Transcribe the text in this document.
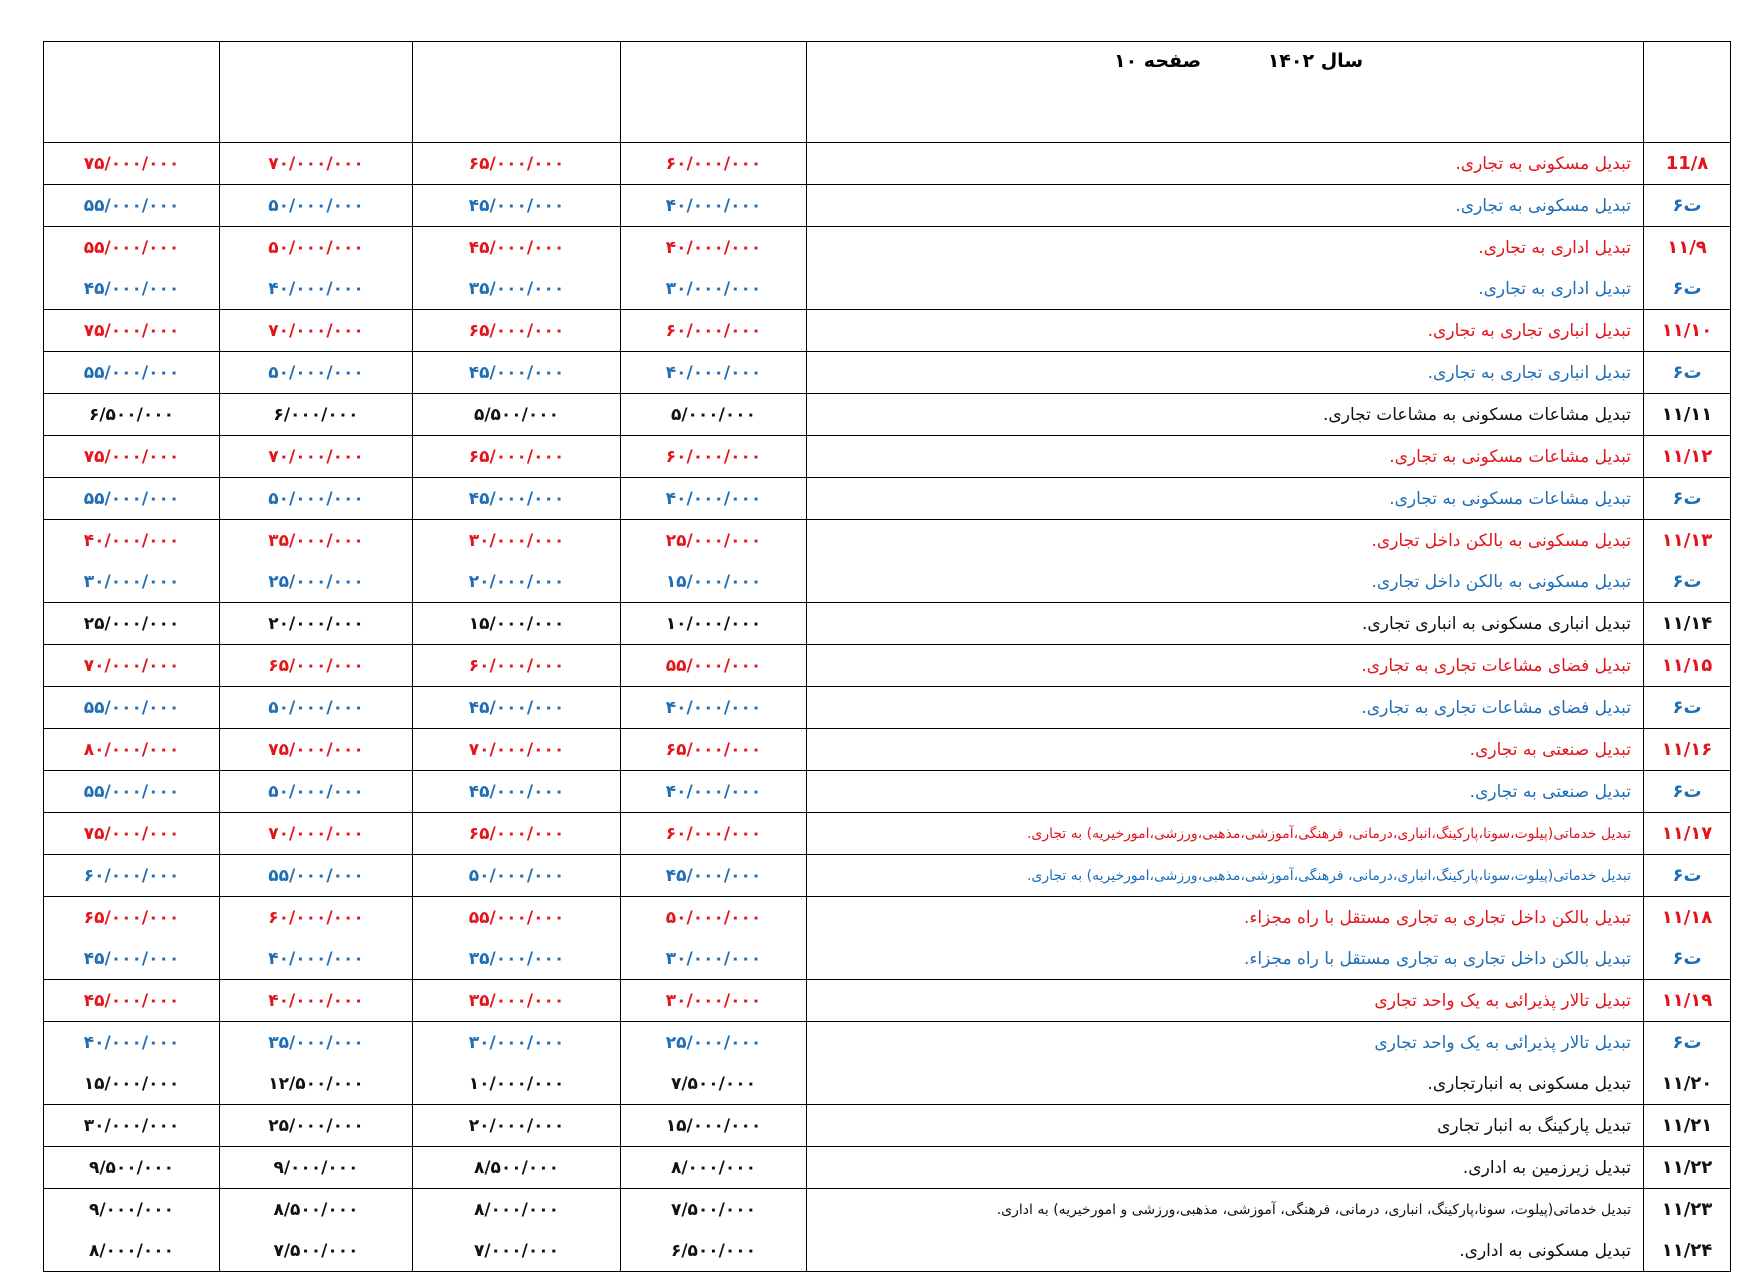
	سال ۱۴۰۲ صفحه ۱۰				

11/۸	تبدیل مسکونی به تجاری.	۶۰/۰۰۰/۰۰۰	۶۵/۰۰۰/۰۰۰	۷۰/۰۰۰/۰۰۰	۷۵/۰۰۰/۰۰۰
ت۶	تبدیل مسکونی به تجاری.	۴۰/۰۰۰/۰۰۰	۴۵/۰۰۰/۰۰۰	۵۰/۰۰۰/۰۰۰	۵۵/۰۰۰/۰۰۰
۱۱/۹	تبدیل اداری به تجاری.	۴۰/۰۰۰/۰۰۰	۴۵/۰۰۰/۰۰۰	۵۰/۰۰۰/۰۰۰	۵۵/۰۰۰/۰۰۰
ت۶	تبدیل اداری به تجاری.	۳۰/۰۰۰/۰۰۰	۳۵/۰۰۰/۰۰۰	۴۰/۰۰۰/۰۰۰	۴۵/۰۰۰/۰۰۰
۱۱/۱۰	تبدیل انباری تجاری به تجاری.	۶۰/۰۰۰/۰۰۰	۶۵/۰۰۰/۰۰۰	۷۰/۰۰۰/۰۰۰	۷۵/۰۰۰/۰۰۰
ت۶	تبدیل انباری تجاری به تجاری.	۴۰/۰۰۰/۰۰۰	۴۵/۰۰۰/۰۰۰	۵۰/۰۰۰/۰۰۰	۵۵/۰۰۰/۰۰۰
۱۱/۱۱	تبدیل مشاعات مسکونی به مشاعات تجاری.	۵/۰۰۰/۰۰۰	۵/۵۰۰/۰۰۰	۶/۰۰۰/۰۰۰	۶/۵۰۰/۰۰۰
۱۱/۱۲	تبدیل مشاعات مسکونی به تجاری.	۶۰/۰۰۰/۰۰۰	۶۵/۰۰۰/۰۰۰	۷۰/۰۰۰/۰۰۰	۷۵/۰۰۰/۰۰۰
ت۶	تبدیل مشاعات مسکونی به تجاری.	۴۰/۰۰۰/۰۰۰	۴۵/۰۰۰/۰۰۰	۵۰/۰۰۰/۰۰۰	۵۵/۰۰۰/۰۰۰
۱۱/۱۳	تبدیل مسکونی به بالکن داخل تجاری.	۲۵/۰۰۰/۰۰۰	۳۰/۰۰۰/۰۰۰	۳۵/۰۰۰/۰۰۰	۴۰/۰۰۰/۰۰۰
ت۶	تبدیل مسکونی به بالکن داخل تجاری.	۱۵/۰۰۰/۰۰۰	۲۰/۰۰۰/۰۰۰	۲۵/۰۰۰/۰۰۰	۳۰/۰۰۰/۰۰۰
۱۱/۱۴	تبدیل انباری مسکونی به انباری تجاری.	۱۰/۰۰۰/۰۰۰	۱۵/۰۰۰/۰۰۰	۲۰/۰۰۰/۰۰۰	۲۵/۰۰۰/۰۰۰
۱۱/۱۵	تبدیل فضای مشاعات تجاری به تجاری.	۵۵/۰۰۰/۰۰۰	۶۰/۰۰۰/۰۰۰	۶۵/۰۰۰/۰۰۰	۷۰/۰۰۰/۰۰۰
ت۶	تبدیل فضای مشاعات تجاری به تجاری.	۴۰/۰۰۰/۰۰۰	۴۵/۰۰۰/۰۰۰	۵۰/۰۰۰/۰۰۰	۵۵/۰۰۰/۰۰۰
۱۱/۱۶	تبدیل صنعتی به تجاری.	۶۵/۰۰۰/۰۰۰	۷۰/۰۰۰/۰۰۰	۷۵/۰۰۰/۰۰۰	۸۰/۰۰۰/۰۰۰
ت۶	تبدیل صنعتی به تجاری.	۴۰/۰۰۰/۰۰۰	۴۵/۰۰۰/۰۰۰	۵۰/۰۰۰/۰۰۰	۵۵/۰۰۰/۰۰۰
۱۱/۱۷	تبدیل خدماتی(پیلوت،سونا،پارکینگ،انباری،درمانی، فرهنگی،آموزشی،مذهبی،ورزشی،امورخیریه) به تجاری.	۶۰/۰۰۰/۰۰۰	۶۵/۰۰۰/۰۰۰	۷۰/۰۰۰/۰۰۰	۷۵/۰۰۰/۰۰۰
ت۶	تبدیل خدماتی(پیلوت،سونا،پارکینگ،انباری،درمانی، فرهنگی،آموزشی،مذهبی،ورزشی،امورخیریه) به تجاری.	۴۵/۰۰۰/۰۰۰	۵۰/۰۰۰/۰۰۰	۵۵/۰۰۰/۰۰۰	۶۰/۰۰۰/۰۰۰
۱۱/۱۸	تبدیل بالکن داخل تجاری به تجاری مستقل با راه مجزاء.	۵۰/۰۰۰/۰۰۰	۵۵/۰۰۰/۰۰۰	۶۰/۰۰۰/۰۰۰	۶۵/۰۰۰/۰۰۰
ت۶	تبدیل بالکن داخل تجاری به تجاری مستقل با راه مجزاء.	۳۰/۰۰۰/۰۰۰	۳۵/۰۰۰/۰۰۰	۴۰/۰۰۰/۰۰۰	۴۵/۰۰۰/۰۰۰
۱۱/۱۹	تبدیل تالار پذیرائی به یک واحد تجاری	۳۰/۰۰۰/۰۰۰	۳۵/۰۰۰/۰۰۰	۴۰/۰۰۰/۰۰۰	۴۵/۰۰۰/۰۰۰
ت۶	تبدیل تالار پذیرائی به یک واحد تجاری	۲۵/۰۰۰/۰۰۰	۳۰/۰۰۰/۰۰۰	۳۵/۰۰۰/۰۰۰	۴۰/۰۰۰/۰۰۰
۱۱/۲۰	تبدیل مسکونی به انبارتجاری.	۷/۵۰۰/۰۰۰	۱۰/۰۰۰/۰۰۰	۱۲/۵۰۰/۰۰۰	۱۵/۰۰۰/۰۰۰
۱۱/۲۱	تبدیل پارکینگ به انبار تجاری	۱۵/۰۰۰/۰۰۰	۲۰/۰۰۰/۰۰۰	۲۵/۰۰۰/۰۰۰	۳۰/۰۰۰/۰۰۰
۱۱/۲۲	تبدیل زیرزمین به اداری.	۸/۰۰۰/۰۰۰	۸/۵۰۰/۰۰۰	۹/۰۰۰/۰۰۰	۹/۵۰۰/۰۰۰
۱۱/۲۳	تبدیل خدماتی(پیلوت، سونا،پارکینگ، انباری، درمانی، فرهنگی، آموزشی، مذهبی،ورزشی و امورخیریه) به اداری.	۷/۵۰۰/۰۰۰	۸/۰۰۰/۰۰۰	۸/۵۰۰/۰۰۰	۹/۰۰۰/۰۰۰
۱۱/۲۴	تبدیل مسکونی به اداری.	۶/۵۰۰/۰۰۰	۷/۰۰۰/۰۰۰	۷/۵۰۰/۰۰۰	۸/۰۰۰/۰۰۰
